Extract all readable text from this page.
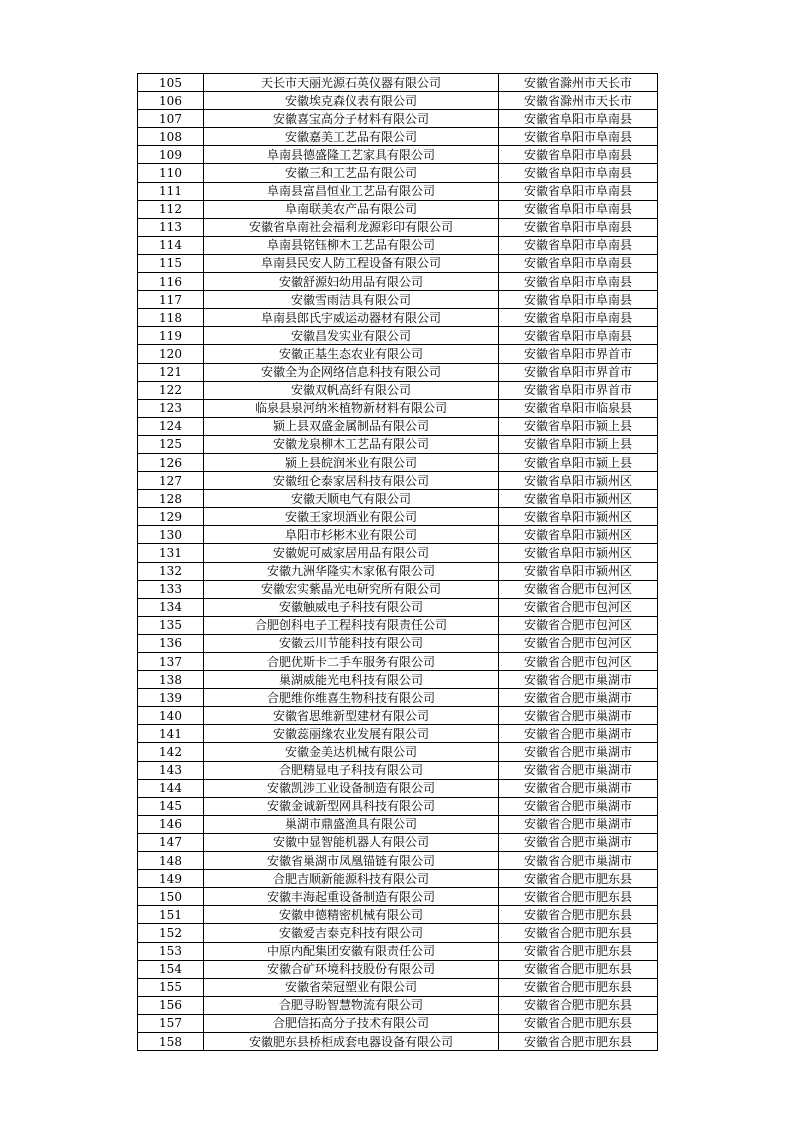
105	天长市天丽光源石英仪器有限公司	安徽省滁州市天长市
106	安徽埃克森仪表有限公司	安徽省滁州市天长市
107	安徽喜宝高分子材料有限公司	安徽省阜阳市阜南县
108	安徽嘉美工艺品有限公司	安徽省阜阳市阜南县
109	阜南县德盛隆工艺家具有限公司	安徽省阜阳市阜南县
110	安徽三和工艺品有限公司	安徽省阜阳市阜南县
111	阜南县富昌恒业工艺品有限公司	安徽省阜阳市阜南县
112	阜南联美农产品有限公司	安徽省阜阳市阜南县
113	安徽省阜南社会福利龙源彩印有限公司	安徽省阜阳市阜南县
114	阜南县铭钰柳木工艺品有限公司	安徽省阜阳市阜南县
115	阜南县民安人防工程设备有限公司	安徽省阜阳市阜南县
116	安徽舒源妇幼用品有限公司	安徽省阜阳市阜南县
117	安徽雪雨洁具有限公司	安徽省阜阳市阜南县
118	阜南县郎氏宇威运动器材有限公司	安徽省阜阳市阜南县
119	安徽昌发实业有限公司	安徽省阜阳市阜南县
120	安徽正基生态农业有限公司	安徽省阜阳市界首市
121	安徽全为企网络信息科技有限公司	安徽省阜阳市界首市
122	安徽双帆高纤有限公司	安徽省阜阳市界首市
123	临泉县泉河纳米植物新材料有限公司	安徽省阜阳市临泉县
124	颍上县双盛金属制品有限公司	安徽省阜阳市颍上县
125	安徽龙泉柳木工艺品有限公司	安徽省阜阳市颍上县
126	颍上县皖润米业有限公司	安徽省阜阳市颍上县
127	安徽纽仑泰家居科技有限公司	安徽省阜阳市颍州区
128	安徽天顺电气有限公司	安徽省阜阳市颍州区
129	安徽王家坝酒业有限公司	安徽省阜阳市颍州区
130	阜阳市杉彬木业有限公司	安徽省阜阳市颍州区
131	安徽妮可威家居用品有限公司	安徽省阜阳市颍州区
132	安徽九洲华隆实木家俬有限公司	安徽省阜阳市颍州区
133	安徽宏实紫晶光电研究所有限公司	安徽省合肥市包河区
134	安徽触威电子科技有限公司	安徽省合肥市包河区
135	合肥创科电子工程科技有限责任公司	安徽省合肥市包河区
136	安徽云川节能科技有限公司	安徽省合肥市包河区
137	合肥优斯卡二手车服务有限公司	安徽省合肥市包河区
138	巢湖威能光电科技有限公司	安徽省合肥市巢湖市
139	合肥维你维喜生物科技有限公司	安徽省合肥市巢湖市
140	安徽省思维新型建材有限公司	安徽省合肥市巢湖市
141	安徽蕊丽缘农业发展有限公司	安徽省合肥市巢湖市
142	安徽金美达机械有限公司	安徽省合肥市巢湖市
143	合肥精显电子科技有限公司	安徽省合肥市巢湖市
144	安徽凯涉工业设备制造有限公司	安徽省合肥市巢湖市
145	安徽金诚新型网具科技有限公司	安徽省合肥市巢湖市
146	巢湖市鼎盛渔具有限公司	安徽省合肥市巢湖市
147	安徽中显智能机器人有限公司	安徽省合肥市巢湖市
148	安徽省巢湖市凤凰锚链有限公司	安徽省合肥市巢湖市
149	合肥吉顺新能源科技有限公司	安徽省合肥市肥东县
150	安徽丰海起重设备制造有限公司	安徽省合肥市肥东县
151	安徽申德精密机械有限公司	安徽省合肥市肥东县
152	安徽爱吉泰克科技有限公司	安徽省合肥市肥东县
153	中原内配集团安徽有限责任公司	安徽省合肥市肥东县
154	安徽合矿环境科技股份有限公司	安徽省合肥市肥东县
155	安徽省荣冠塑业有限公司	安徽省合肥市肥东县
156	合肥寻盼智慧物流有限公司	安徽省合肥市肥东县
157	合肥信拓高分子技术有限公司	安徽省合肥市肥东县
158	安徽肥东县桥柜成套电器设备有限公司	安徽省合肥市肥东县
